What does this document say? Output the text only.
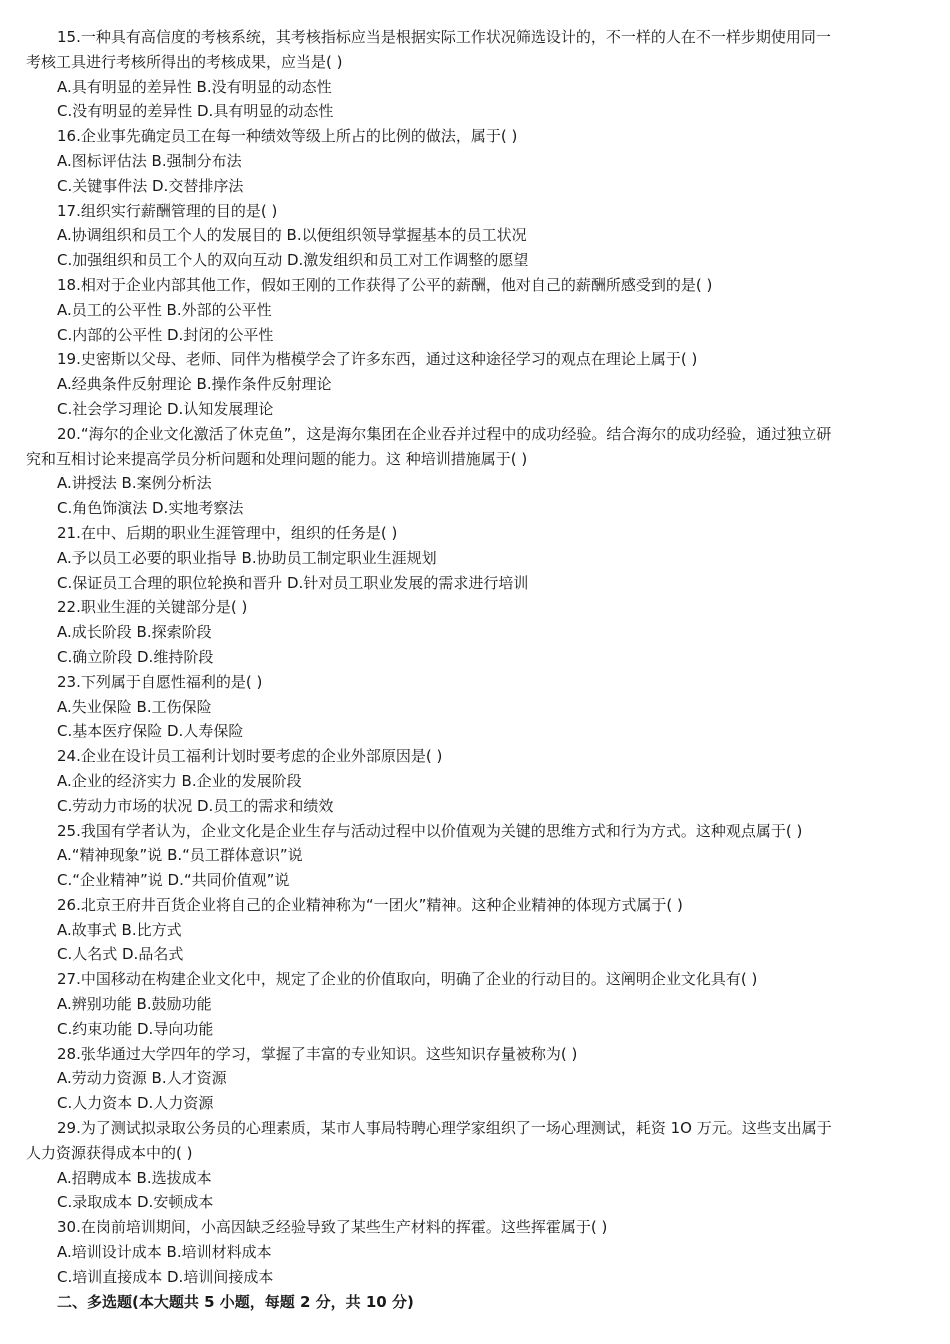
15.一种具有高信度的考核系统，其考核指标应当是根据实际工作状况筛选设计的，不一样的人在不一样步期使用同一
考核工具进行考核所得出的考核成果，应当是( )
A.具有明显的差异性 B.没有明显的动态性
C.没有明显的差异性 D.具有明显的动态性
16.企业事先确定员工在每一种绩效等级上所占的比例的做法，属于( )
A.图标评估法 B.强制分布法
C.关键事件法 D.交替排序法
17.组织实行薪酬管理的目的是( )
A.协调组织和员工个人的发展目的 B.以便组织领导掌握基本的员工状况
C.加强组织和员工个人的双向互动 D.激发组织和员工对工作调整的愿望
18.相对于企业内部其他工作，假如王刚的工作获得了公平的薪酬，他对自己的薪酬所感受到的是( )
A.员工的公平性 B.外部的公平性
C.内部的公平性 D.封闭的公平性
19.史密斯以父母、老师、同伴为楷模学会了许多东西，通过这种途径学习的观点在理论上属于( )
A.经典条件反射理论 B.操作条件反射理论
C.社会学习理论 D.认知发展理论
20.“海尔的企业文化激活了休克鱼”，这是海尔集团在企业吞并过程中的成功经验。结合海尔的成功经验，通过独立研
究和互相讨论来提高学员分析问题和处理问题的能力。这 种培训措施属于( )
A.讲授法 B.案例分析法
C.角色饰演法 D.实地考察法
21.在中、后期的职业生涯管理中，组织的任务是( )
A.予以员工必要的职业指导 B.协助员工制定职业生涯规划
C.保证员工合理的职位轮换和晋升 D.针对员工职业发展的需求进行培训
22.职业生涯的关键部分是( )
A.成长阶段 B.探索阶段
C.确立阶段 D.维持阶段
23.下列属于自愿性福利的是( )
A.失业保险 B.工伤保险
C.基本医疗保险 D.人寿保险
24.企业在设计员工福利计划时要考虑的企业外部原因是( )
A.企业的经济实力 B.企业的发展阶段
C.劳动力市场的状况 D.员工的需求和绩效
25.我国有学者认为，企业文化是企业生存与活动过程中以价值观为关键的思维方式和行为方式。这种观点属于( )
A.“精神现象”说 B.“员工群体意识”说
C.“企业精神”说 D.“共同价值观”说
26.北京王府井百货企业将自己的企业精神称为“一团火”精神。这种企业精神的体现方式属于( )
A.故事式 B.比方式
C.人名式 D.品名式
27.中国移动在构建企业文化中，规定了企业的价值取向，明确了企业的行动目的。这阐明企业文化具有( )
A.辨别功能 B.鼓励功能
C.约束功能 D.导向功能
28.张华通过大学四年的学习，掌握了丰富的专业知识。这些知识存量被称为( )
A.劳动力资源 B.人才资源
C.人力资本 D.人力资源
29.为了测试拟录取公务员的心理素质，某市人事局特聘心理学家组织了一场心理测试，耗资 1O 万元。这些支出属于
人力资源获得成本中的( )
A.招聘成本 B.选拔成本
C.录取成本 D.安顿成本
30.在岗前培训期间，小高因缺乏经验导致了某些生产材料的挥霍。这些挥霍属于( )
A.培训设计成本 B.培训材料成本
C.培训直接成本 D.培训间接成本
二、多选题(本大题共 5 小题，每题 2 分，共 10 分)
